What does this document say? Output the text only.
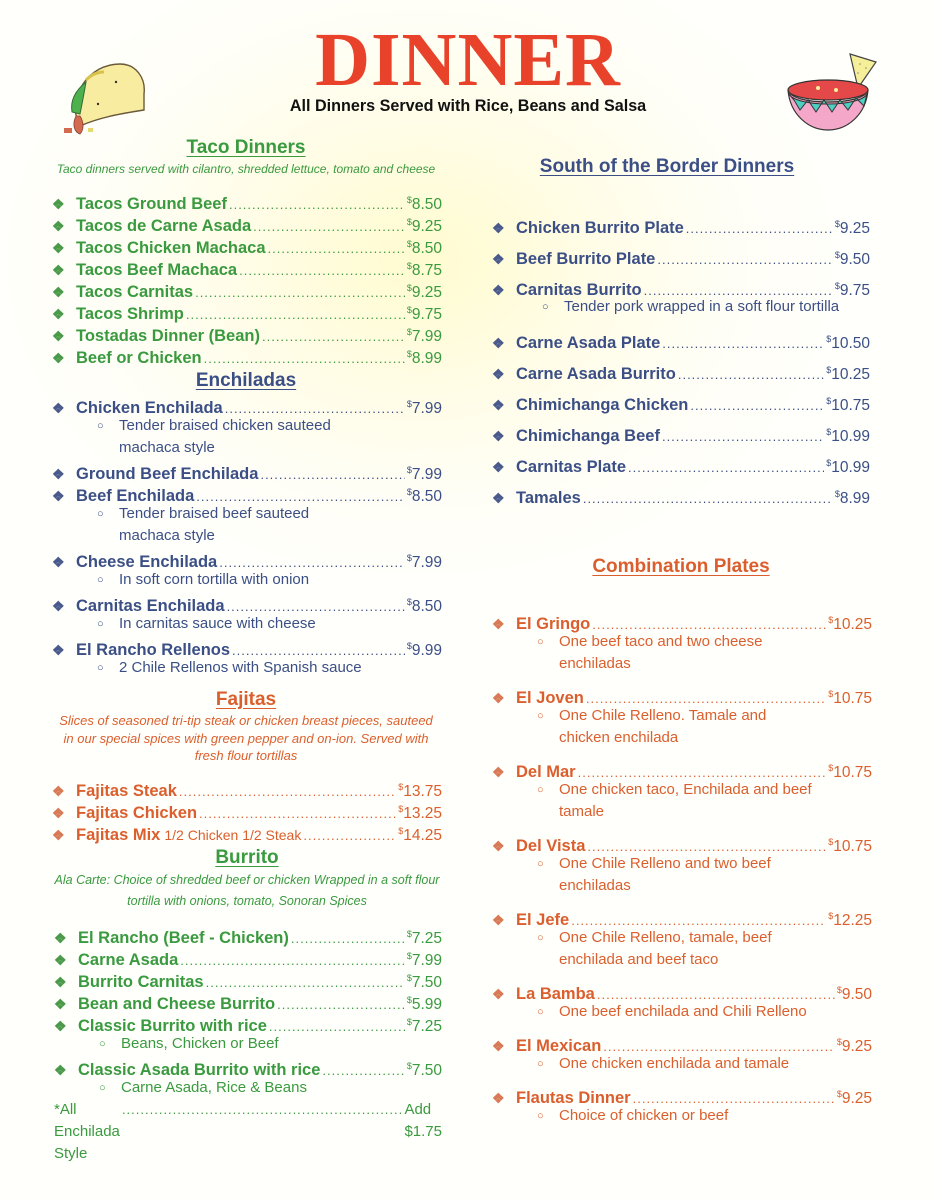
DINNER
All Dinners Served with Rice, Beans and Salsa
Taco Dinners
Taco dinners served with cilantro, shredded lettuce, tomato and cheese
❖ Tacos Ground Beef .....	$8.50
❖ Tacos de Carne Asada .....	$9.25
❖ Tacos Chicken Machaca .....	$8.50
❖ Tacos Beef Machaca .....	$8.75
❖ Tacos Carnitas .....	$9.25
❖ Tacos Shrimp .....	$9.75
❖ Tostadas Dinner (Bean) .....	$7.99
❖ Beef or Chicken .....	$8.99
Enchiladas
❖ Chicken Enchilada .....	$7.99
○	Tender braised chicken sauteed machaca style
❖ Ground Beef Enchilada .....	$7.99
❖ Beef Enchilada .....	$8.50
○	Tender braised beef sauteed machaca style
❖ Cheese Enchilada .....	$7.99
○	In soft corn tortilla with onion
❖ Carnitas Enchilada .....	$8.50
○	In carnitas sauce with cheese
❖ El Rancho Rellenos .....	$9.99
○	2 Chile Rellenos with Spanish sauce
Fajitas
Slices of seasoned tri-tip steak or chicken breast pieces, sauteed in our special spices with green pepper and on-ion. Served with fresh flour tortillas
❖ Fajitas Steak .....	$13.75
❖ Fajitas Chicken .....	$13.25
❖ Fajitas Mix 1/2 Chicken 1/2 Steak .....	$14.25
Burrito
Ala Carte: Choice of shredded beef or chicken Wrapped in a soft flour tortilla with onions, tomato, Sonoran Spices
❖ El Rancho (Beef - Chicken) .....	$7.25
❖ Carne Asada .....	$7.99
❖ Burrito Carnitas .....	$7.50
❖ Bean and Cheese Burrito .....	$5.99
❖ Classic Burrito with rice .....	$7.25
○	Beans, Chicken or Beef
❖ Classic Asada Burrito with rice .....	$7.50
○	Carne Asada, Rice & Beans
*All Enchilada Style
.....
Add $1.75
South of the Border Dinners
❖ Chicken Burrito Plate .....	$9.25
❖ Beef Burrito Plate .....	$9.50
❖ Carnitas Burrito .....	$9.75
○	Tender pork wrapped in a soft flour tortilla
❖ Carne Asada Plate .....	$10.50
❖ Carne Asada Burrito .....	$10.25
❖ Chimichanga Chicken .....	$10.75
❖ Chimichanga Beef .....	$10.99
❖ Carnitas Plate .....	$10.99
❖ Tamales .....	$8.99
Combination Plates
❖ El Gringo .....	$10.25
○	One beef taco and two cheese enchiladas
❖ El Joven .....	$10.75
○	One Chile Relleno. Tamale and chicken enchilada
❖ Del Mar .....	$10.75
○	One chicken taco, Enchilada and beef tamale
❖ Del Vista .....	$10.75
○	One Chile Relleno and two beef enchiladas
❖ El Jefe .....	$12.25
○	One Chile Relleno, tamale, beef enchilada and beef taco
❖ La Bamba .....	$9.50
○	One beef enchilada and Chili Relleno
❖ El Mexican .....	$9.25
○	One chicken enchilada and tamale
❖ Flautas Dinner .....	$9.25
○	Choice of chicken or beef
